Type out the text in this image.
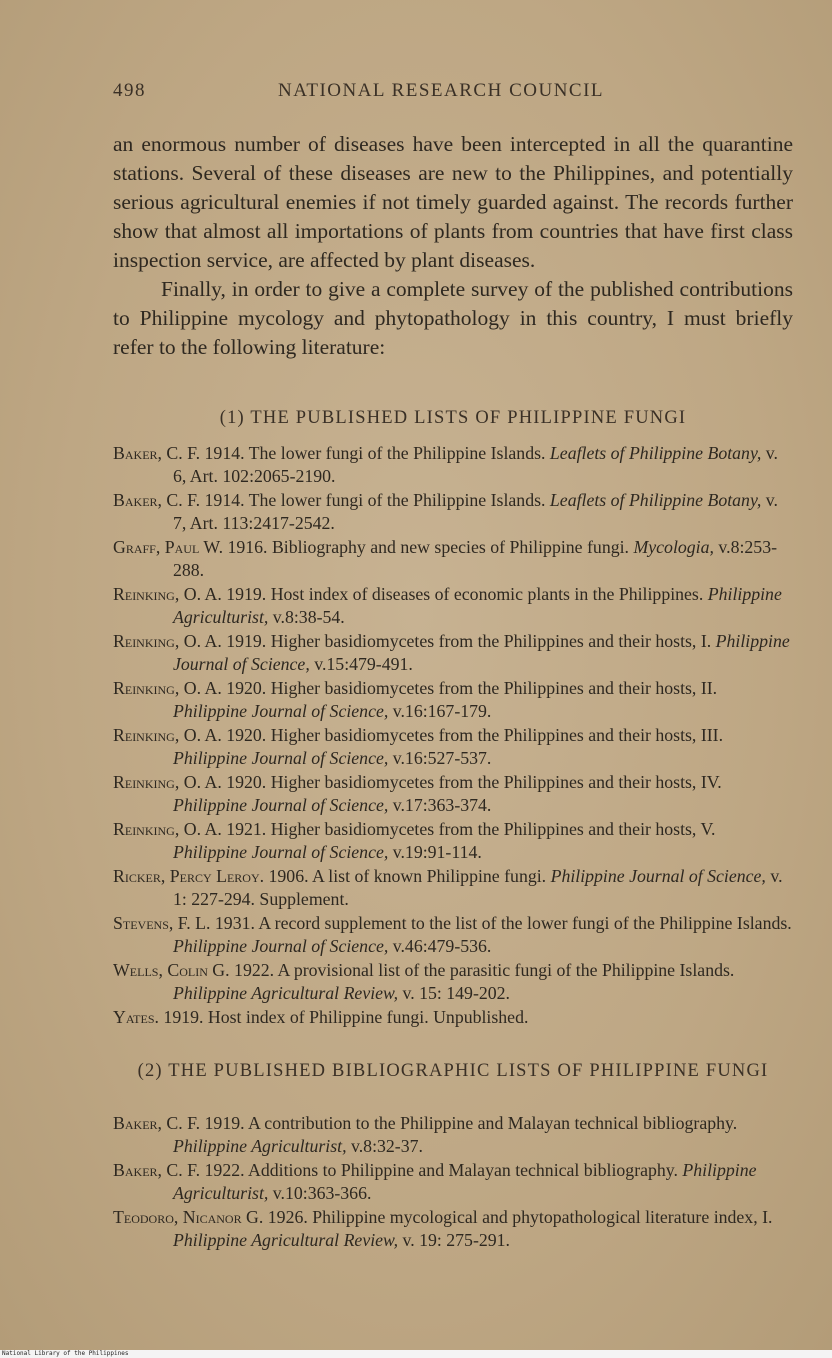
498	NATIONAL RESEARCH COUNCIL

an enormous number of diseases have been intercepted in all the quarantine stations. Several of these diseases are new to the Philippines, and potentially serious agricultural enemies if not timely guarded against. The records further show that almost all importations of plants from countries that have first class inspection service, are affected by plant diseases.

Finally, in order to give a complete survey of the published contributions to Philippine mycology and phytopathology in this country, I must briefly refer to the following literature:

(1) THE PUBLISHED LISTS OF PHILIPPINE FUNGI
Baker, C. F. 1914. The lower fungi of the Philippine Islands. Leaflets of Philippine Botany, v. 6, Art. 102:2065-2190.
Baker, C. F. 1914. The lower fungi of the Philippine Islands. Leaflets of Philippine Botany, v. 7, Art. 113:2417-2542.
Graff, Paul W. 1916. Bibliography and new species of Philippine fungi. Mycologia, v.8:253-288.
Reinking, O. A. 1919. Host index of diseases of economic plants in the Philippines. Philippine Agriculturist, v.8:38-54.
Reinking, O. A. 1919. Higher basidiomycetes from the Philippines and their hosts, I. Philippine Journal of Science, v.15:479-491.
Reinking, O. A. 1920. Higher basidiomycetes from the Philippines and their hosts, II. Philippine Journal of Science, v.16:167-179.
Reinking, O. A. 1920. Higher basidiomycetes from the Philippines and their hosts, III. Philippine Journal of Science, v.16:527-537.
Reinking, O. A. 1920. Higher basidiomycetes from the Philippines and their hosts, IV. Philippine Journal of Science, v.17:363-374.
Reinking, O. A. 1921. Higher basidiomycetes from the Philippines and their hosts, V. Philippine Journal of Science, v.19:91-114.
Ricker, Percy Leroy. 1906. A list of known Philippine fungi. Philippine Journal of Science, v. 1: 227-294. Supplement.
Stevens, F. L. 1931. A record supplement to the list of the lower fungi of the Philippine Islands. Philippine Journal of Science, v.46:479-536.
Wells, Colin G. 1922. A provisional list of the parasitic fungi of the Philippine Islands. Philippine Agricultural Review, v. 15: 149-202.
Yates. 1919. Host index of Philippine fungi. Unpublished.
(2) THE PUBLISHED BIBLIOGRAPHIC LISTS OF PHILIPPINE FUNGI
Baker, C. F. 1919. A contribution to the Philippine and Malayan technical bibliography. Philippine Agriculturist, v.8:32-37.
Baker, C. F. 1922. Additions to Philippine and Malayan technical bibliography. Philippine Agriculturist, v.10:363-366.
Teodoro, Nicanor G. 1926. Philippine mycological and phytopathological literature index, I. Philippine Agricultural Review, v. 19: 275-291.
National Library of the Philippines
